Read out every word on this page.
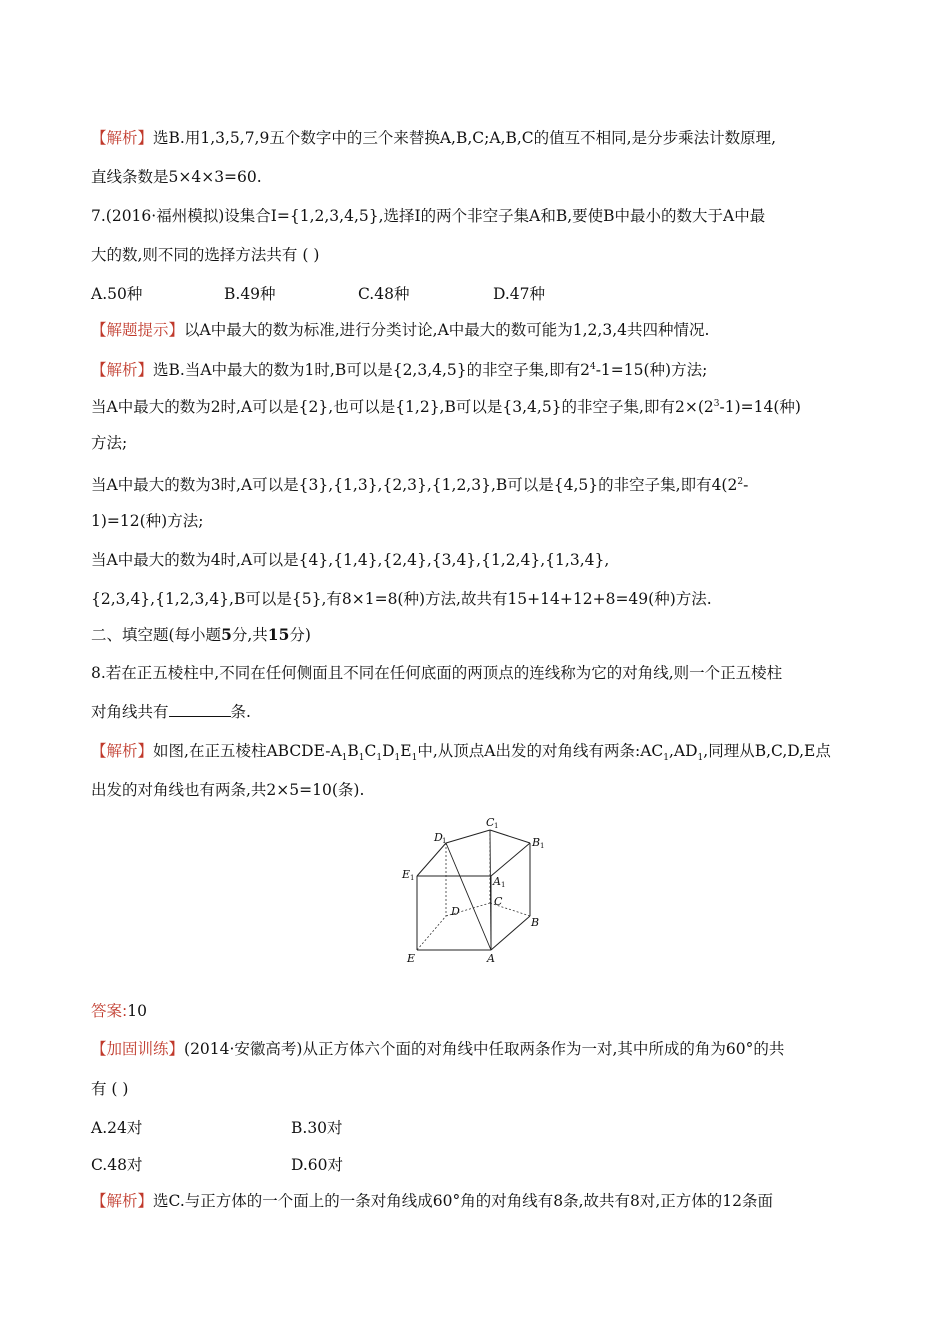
【解析】选B.用1,3,5,7,9五个数字中的三个来替换A,B,C;A,B,C的值互不相同,是分步乘法计数原理,
直线条数是5×4×3=60.
7.(2016·福州模拟)设集合I={1,2,3,4,5},选择I的两个非空子集A和B,要使B中最小的数大于A中最
大的数,则不同的选择方法共有 ( )
A.50种	B.49种	C.48种	D.47种
【解题提示】以A中最大的数为标准,进行分类讨论,A中最大的数可能为1,2,3,4共四种情况.
【解析】选B.当A中最大的数为1时,B可以是{2,3,4,5}的非空子集,即有$2^4-1=15$(种)方法;
当A中最大的数为2时,A可以是{2},也可以是{1,2},B可以是{3,4,5}的非空子集,即有$2\times(2^3-1)=14$(种)
方法;
当A中最大的数为3时,A可以是{3},{1,3},{2,3},{1,2,3},B可以是{4,5}的非空子集,即有$4(2^2-$
1)=12(种)方法;
当A中最大的数为4时,A可以是{4},{1,4},{2,4},{3,4},{1,2,4},{1,3,4},
{2,3,4},{1,2,3,4},B可以是{5},有8×1=8(种)方法,故共有15+14+12+8=49(种)方法.
二、填空题(每小题5分,共15分)
8.若在正五棱柱中,不同在任何侧面且不同在任何底面的两顶点的连线称为它的对角线,则一个正五棱柱
对角线共有	条.
【解析】如图,在正五棱柱ABCDE-$A_1B_1C_1D_1E_1$中,从顶点A出发的对角线有两条$:AC_1,AD_1$,同理从B,C,D,E点
出发的对角线也有两条,共2×5=10(条).
D 1
C 1
B 1
E 1	A 1
D
C
B
E	A
答案:10
【加固训练】(2014·安徽高考)从正方体六个面的对角线中任取两条作为一对,其中所成的角为60°的共
有 ( )
A.24对	B.30对
C.48对	D.60对
【解析】选C.与正方体的一个面上的一条对角线成60°角的对角线有8条,故共有8对,正方体的12条面
